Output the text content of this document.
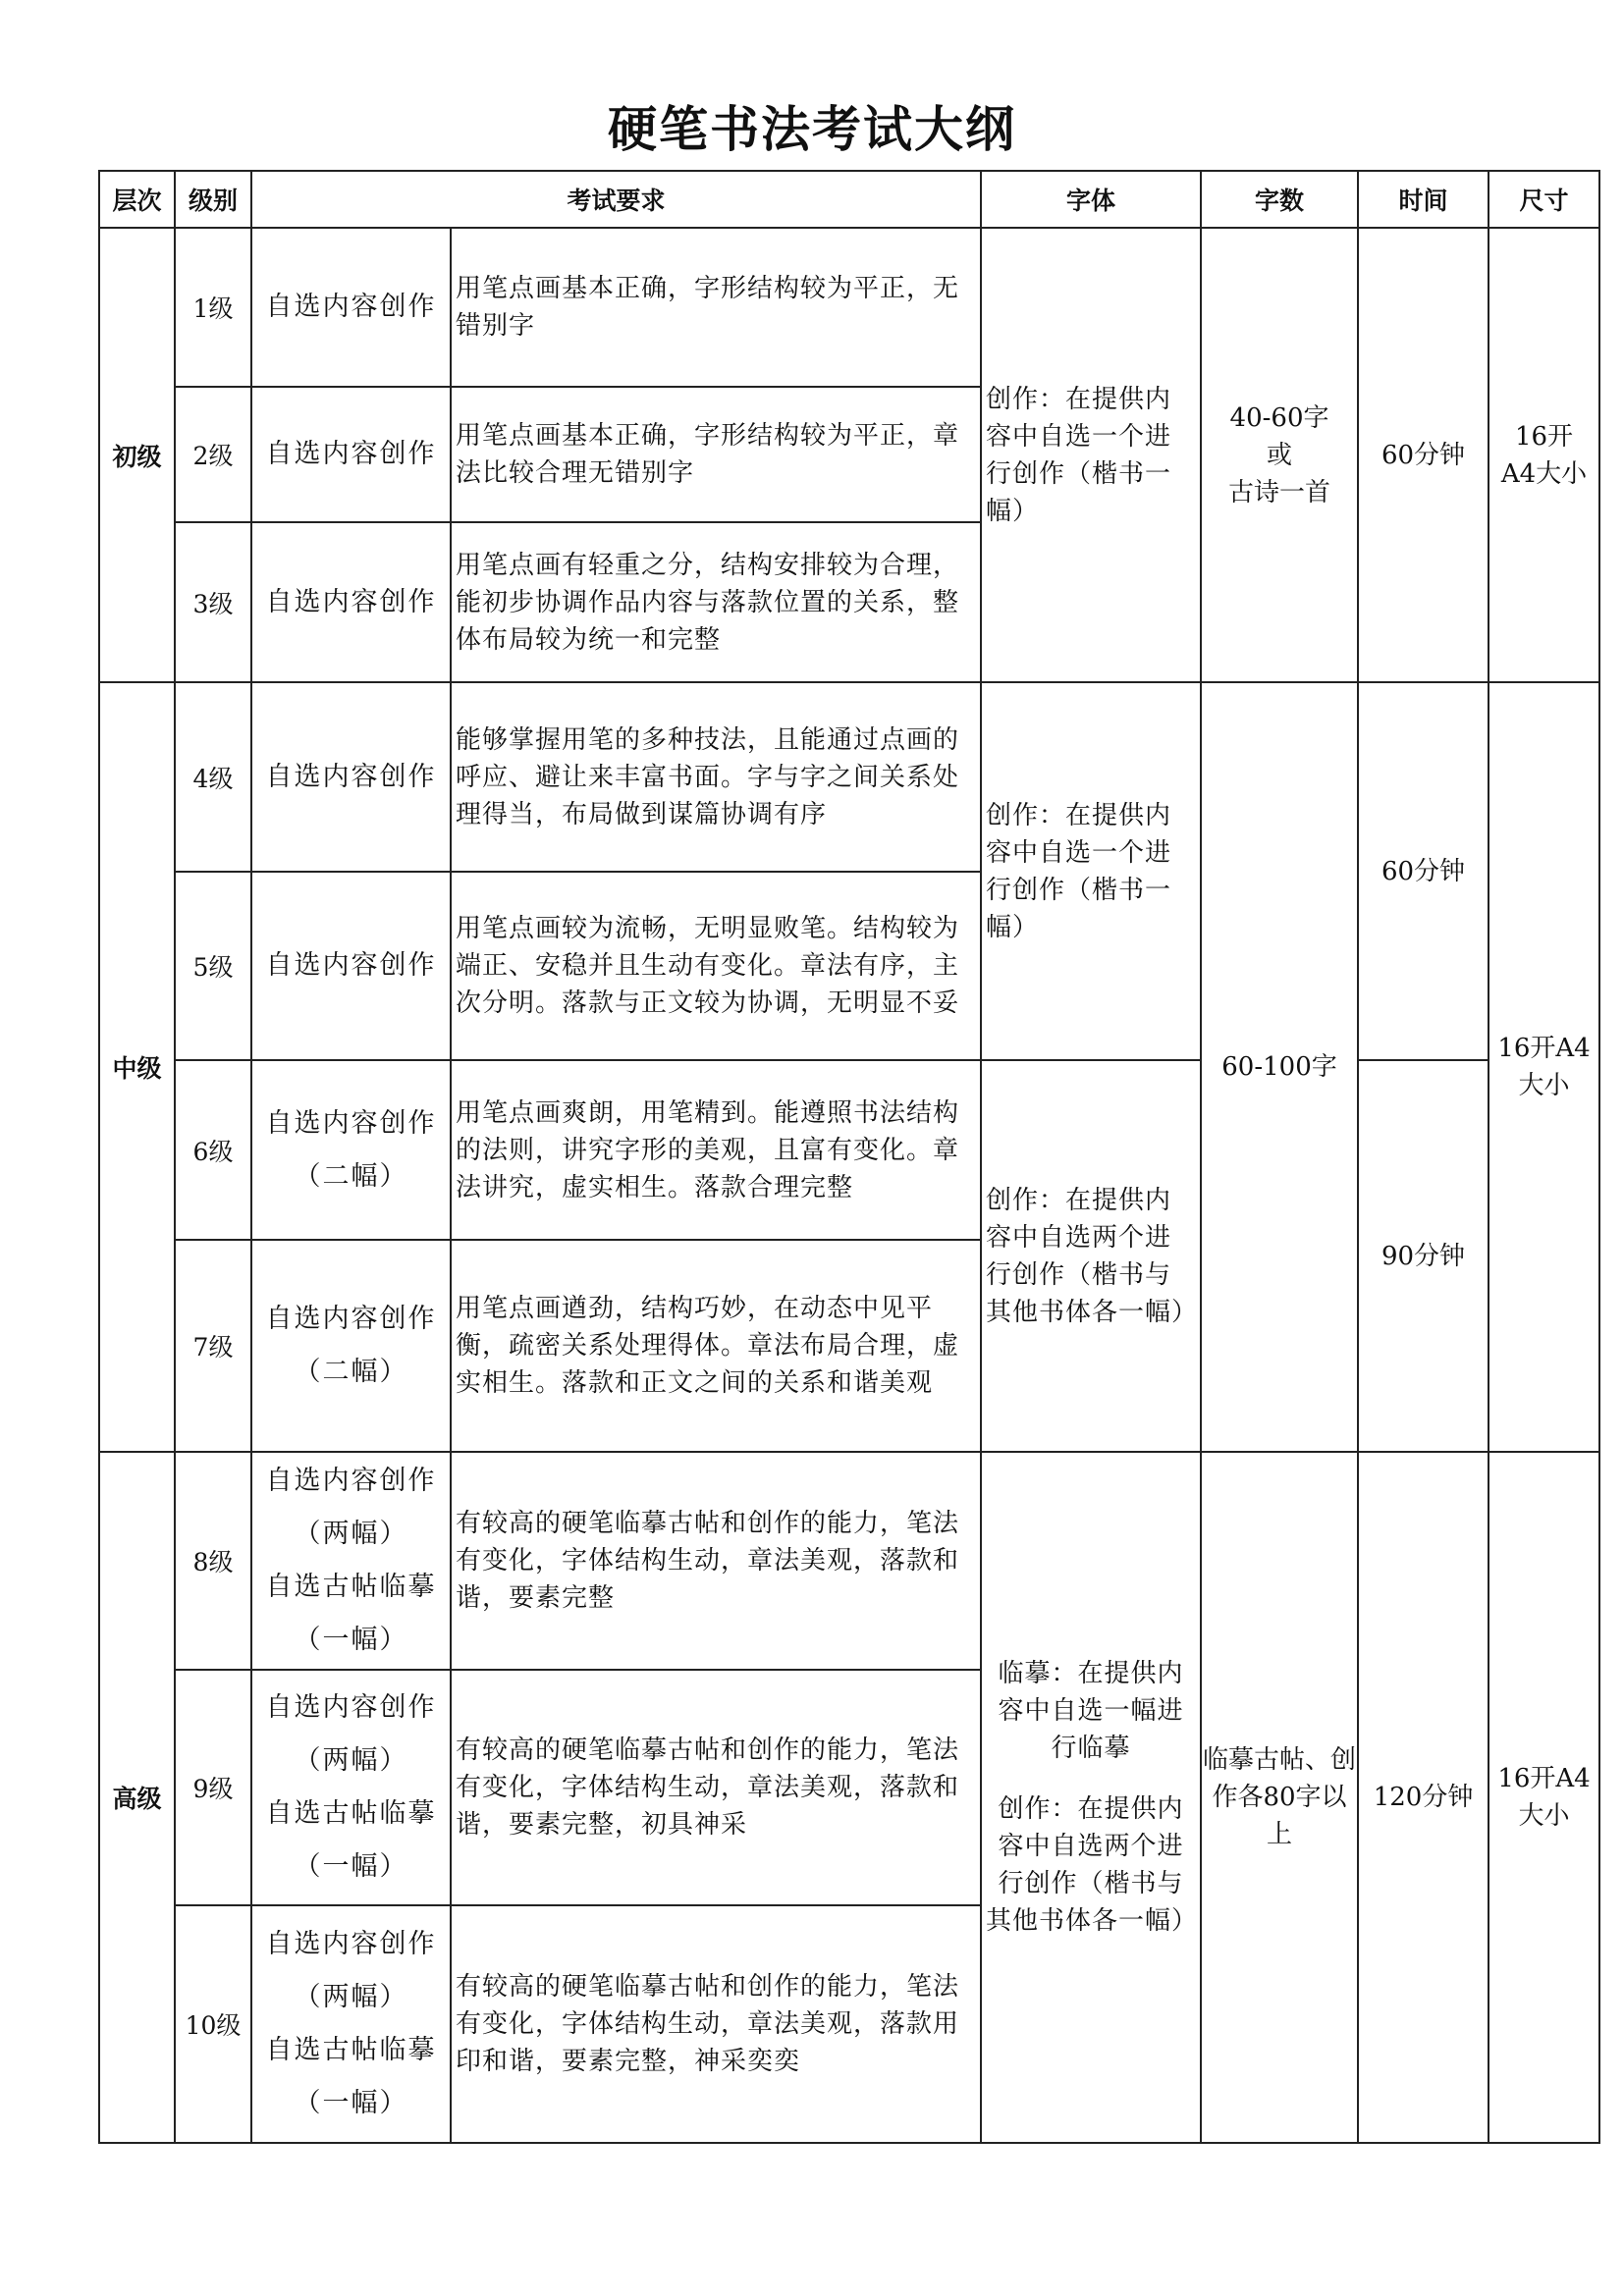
硬笔书法考试大纲
层次	级别	考试要求		字体	字数	时间	尺寸
初级	1级	自选内容创作	用笔点画基本正确，字形结构较为平正，无错别字	创作：在提供内容中自选一个进行创作（楷书一幅）	40-60字
或
古诗一首	60分钟	16开
A4大小

	2级	自选内容创作	用笔点画基本正确，字形结构较为平正，章法比较合理无错别字				
	3级	自选内容创作	用笔点画有轻重之分，结构安排较为合理，能初步协调作品内容与落款位置的关系，整体布局较为统一和完整				
中级	4级	自选内容创作	能够掌握用笔的多种技法，且能通过点画的呼应、避让来丰富书面。字与字之间关系处理得当，布局做到谋篇协调有序	创作：在提供内容中自选一个进行创作（楷书一幅）	60-100字	60分钟	16开A4
大小

	5级	自选内容创作	用笔点画较为流畅，无明显败笔。结构较为端正、安稳并且生动有变化。章法有序，主次分明。落款与正文较为协调，无明显不妥				
	6级	自选内容创作
（二幅）	用笔点画爽朗，用笔精到。能遵照书法结构的法则，讲究字形的美观，且富有变化。章法讲究，虚实相生。落款合理完整	创作：在提供内容中自选两个进行创作（楷书与其他书体各一幅）		90分钟	
	7级	自选内容创作
（二幅）	用笔点画遒劲，结构巧妙，在动态中见平衡，疏密关系处理得体。章法布局合理，虚实相生。落款和正文之间的关系和谐美观				
高级	8级	自选内容创作
（两幅）
自选古帖临摹
（一幅）	有较高的硬笔临摹古帖和创作的能力，笔法有变化，字体结构生动，章法美观，落款和谐，要素完整	临摹：在提供内容中自选一幅进行临摹
创作：在提供内容中自选两个进行创作（楷书与其他书体各一幅）	临摹古帖、创作各80字以上	120分钟	16开A4
大小

	9级	自选内容创作
（两幅）
自选古帖临摹
（一幅）	有较高的硬笔临摹古帖和创作的能力，笔法有变化，字体结构生动，章法美观，落款和谐，要素完整，初具神采				
	10级	自选内容创作
（两幅）
自选古帖临摹
（一幅）	有较高的硬笔临摹古帖和创作的能力，笔法有变化，字体结构生动，章法美观，落款用印和谐，要素完整，神采奕奕				
